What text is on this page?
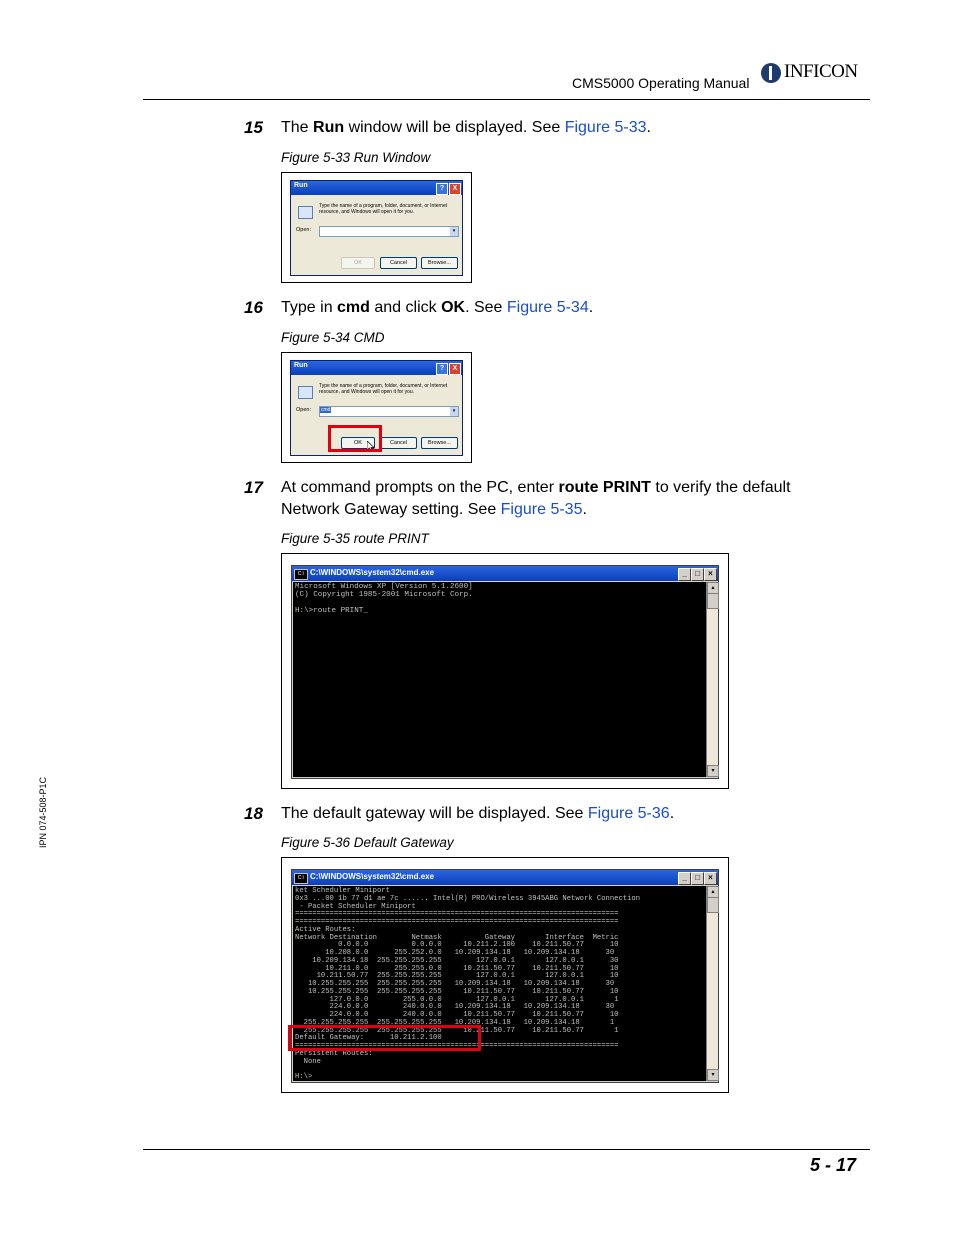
CMS5000 Operating Manual
INFICON
IPN 074-508-P1C
15 The Run window will be displayed. See Figure 5-33.
Figure 5-33 Run Window
Run	?	X
Type the name of a program, folder, document, or Internet resource, and Windows will open it for you.
Open:	▾
OK	Cancel	Browse...
16 Type in cmd and click OK. See Figure 5-34.
Figure 5-34 CMD
Run	?	X
Type the name of a program, folder, document, or Internet resource, and Windows will open it for you.
Open:	cmd	▾
OK	Cancel	Browse...
17 At command prompts on the PC, enter route PRINT to verify the default Network Gateway setting. See Figure 5-35.
Figure 5-35 route PRINT
C:\ C:\WINDOWS\system32\cmd.exe	_	□	×
Microsoft Windows XP [Version 5.1.2600]
(C) Copyright 1985-2001 Microsoft Corp.

H:\>route PRINT_
▴
▾
18 The default gateway will be displayed. See Figure 5-36.
Figure 5-36 Default Gateway
C:\ C:\WINDOWS\system32\cmd.exe	_	□	×
ket Scheduler Miniport
0x3 ...00 1b 77 d1 ae 7c ...... Intel(R) PRO/Wireless 3945ABG Network Connection
- Packet Scheduler Miniport
===========================================================================
===========================================================================
Active Routes:
Network Destination        Netmask          Gateway       Interface  Metric
0.0.0.0          0.0.0.0     10.211.2.100    10.211.50.77      10
10.208.0.0      255.252.0.0   10.209.134.18   10.209.134.18      30
10.209.134.18  255.255.255.255        127.0.0.1       127.0.0.1      30
10.211.0.0      255.255.0.0     10.211.50.77    10.211.50.77      10
10.211.50.77  255.255.255.255        127.0.0.1       127.0.0.1      10
10.255.255.255  255.255.255.255   10.209.134.18   10.209.134.18      30
10.255.255.255  255.255.255.255     10.211.50.77    10.211.50.77      10
127.0.0.0        255.0.0.0        127.0.0.1       127.0.0.1       1
224.0.0.0        240.0.0.0   10.209.134.18   10.209.134.18      30
224.0.0.0        240.0.0.0     10.211.50.77    10.211.50.77      10
255.255.255.255  255.255.255.255   10.209.134.18   10.209.134.18       1
255.255.255.255  255.255.255.255     10.211.50.77    10.211.50.77       1
Default Gateway:      10.211.2.100
===========================================================================
Persistent Routes:
None

H:\>
▴
▾
5 - 17
